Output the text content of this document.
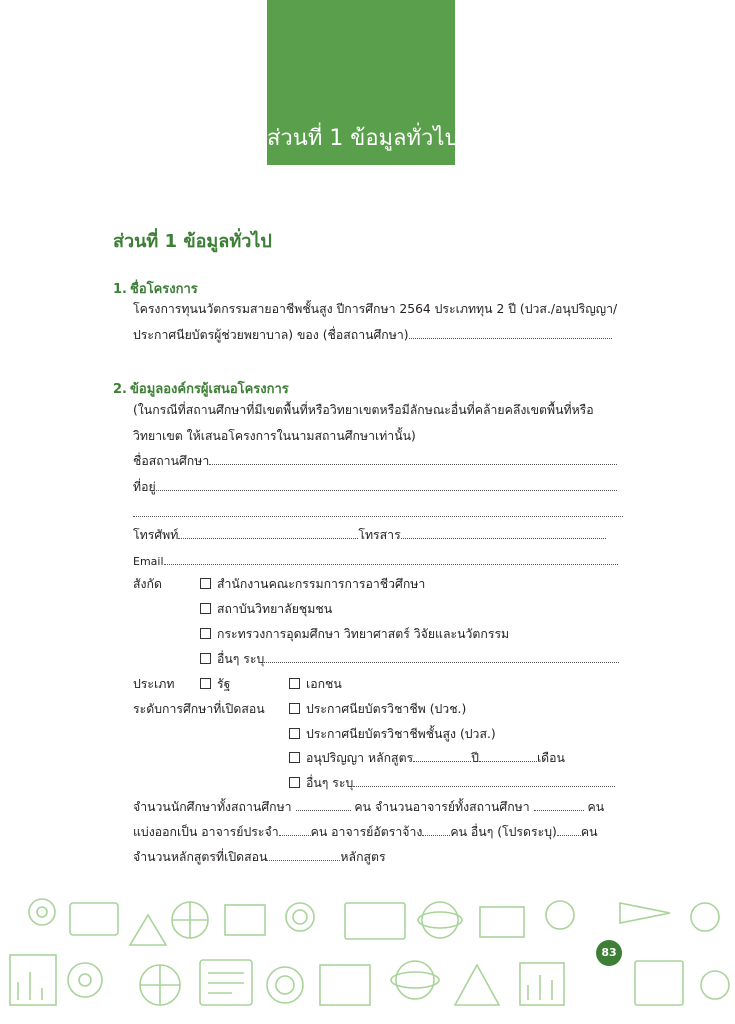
ส่วนที่ 1 ข้อมูลทั่วไป
ส่วนที่ 1 ข้อมูลทั่วไป
1. ชื่อโครงการ
โครงการทุนนวัตกรรมสายอาชีพชั้นสูง ปีการศึกษา 2564 ประเภททุน 2 ปี (ปวส./อนุปริญญา/
ประกาศนียบัตรผู้ช่วยพยาบาล) ของ (ชื่อสถานศึกษา)
2. ข้อมูลองค์กรผู้เสนอโครงการ
(ในกรณีที่สถานศึกษาที่มีเขตพื้นที่หรือวิทยาเขตหรือมีลักษณะอื่นที่คล้ายคลึงเขตพื้นที่หรือ
วิทยาเขต ให้เสนอโครงการในนามสถานศึกษาเท่านั้น)
ชื่อสถานศึกษา
ที่อยู่
โทรศัพท์	โทรสาร
Email
สังกัด	สำนักงานคณะกรรมการการอาชีวศึกษา
สถาบันวิทยาลัยชุมชน
กระทรวงการอุดมศึกษา วิทยาศาสตร์ วิจัยและนวัตกรรม
อื่นๆ ระบุ
ประเภท	รัฐ	เอกชน
ระดับการศึกษาที่เปิดสอน	ประกาศนียบัตรวิชาชีพ (ปวช.)
ประกาศนียบัตรวิชาชีพชั้นสูง (ปวส.)
อนุปริญญา หลักสูตร	ปี	เดือน
อื่นๆ ระบุ
จำนวนนักศึกษาทั้งสถานศึกษา	คน จำนวนอาจารย์ทั้งสถานศึกษา	คน
แบ่งออกเป็น อาจารย์ประจำ	คน อาจารย์อัตราจ้าง คน อื่นๆ (โปรดระบุ) คน
จำนวนหลักสูตรที่เปิดสอน	หลักสูตร
83
